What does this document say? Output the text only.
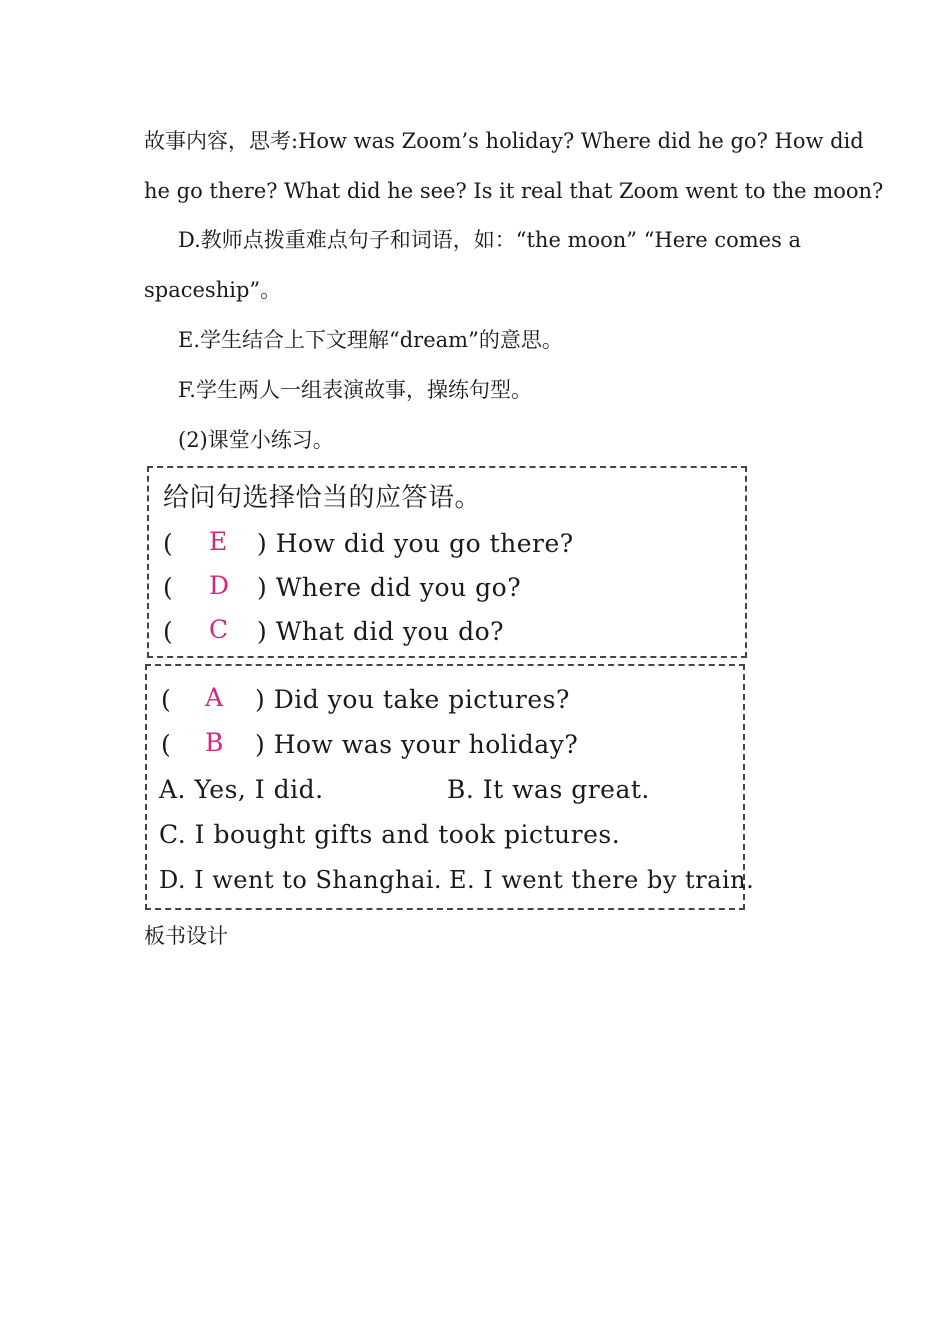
故事内容，思考:How was Zoom’s holiday? Where did he go? How did
he go there? What did he see? Is it real that Zoom went to the moon?
D.教师点拨重难点句子和词语，如：“the moon” “Here comes a
spaceship”。
E.学生结合上下文理解“dream”的意思。
F.学生两人一组表演故事，操练句型。
(2)课堂小练习。
给问句选择恰当的应答语。
( E ) How did you go there?
( D ) Where did you go?
( C ) What did you do?
( A ) Did you take pictures?
( B ) How was your holiday?
A. Yes, I did.	B. It was great.
C. I bought gifts and took pictures.
D. I went to Shanghai. E. I went there by train.
板书设计
